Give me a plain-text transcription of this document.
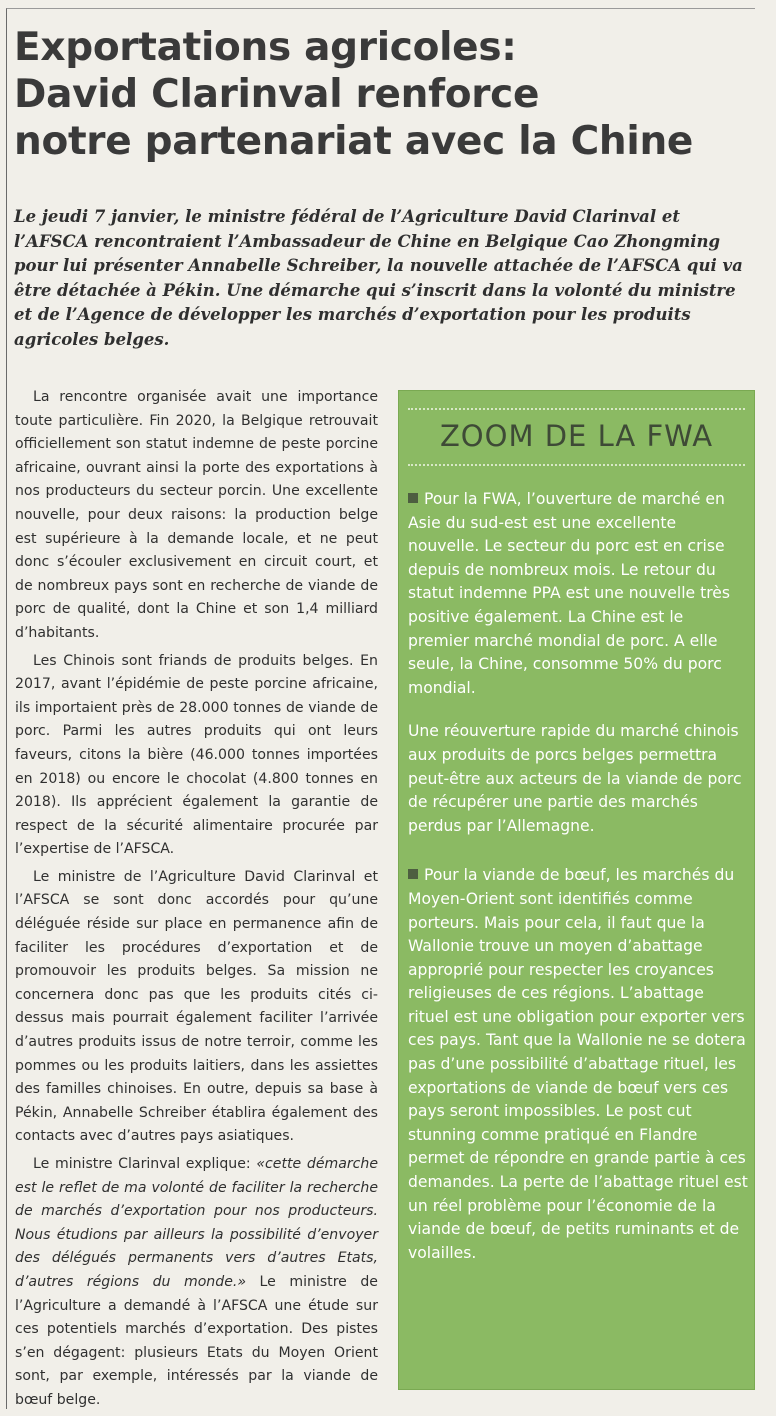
Exportations agricoles:
David Clarinval renforce
notre partenariat avec la Chine

Le jeudi 7 janvier, le ministre fédéral de l’Agriculture David Clarinval et l’AFSCA rencontraient l’Ambassadeur de Chine en Belgique Cao Zhongming pour lui présenter Annabelle Schreiber, la nouvelle attachée de l’AFSCA qui va être détachée à Pékin. Une démarche qui s’inscrit dans la volonté du ministre et de l’Agence de développer les marchés d’exportation pour les produits agricoles belges.

La rencontre organisée avait une importance toute particulière. Fin 2020, la Belgique retrouvait officiellement son statut indemne de peste porcine africaine, ouvrant ainsi la porte des exportations à nos producteurs du secteur porcin. Une excellente nouvelle, pour deux raisons: la production belge est supérieure à la demande locale, et ne peut donc s’écouler exclusivement en circuit court, et de nombreux pays sont en recherche de viande de porc de qualité, dont la Chine et son 1,4 milliard d’habitants.

Les Chinois sont friands de produits belges. En 2017, avant l’épidémie de peste porcine africaine, ils importaient près de 28.000 tonnes de viande de porc. Parmi les autres produits qui ont leurs faveurs, citons la bière (46.000 tonnes importées en 2018) ou encore le chocolat (4.800 tonnes en 2018). Ils apprécient également la garantie de respect de la sécurité alimentaire procurée par l’expertise de l’AFSCA.

Le ministre de l’Agriculture David Clarinval et l’AFSCA se sont donc accordés pour qu’une déléguée réside sur place en permanence afin de faciliter les procédures d’exportation et de promouvoir les produits belges. Sa mission ne concernera donc pas que les produits cités ci-dessus mais pourrait également faciliter l’arrivée d’autres produits issus de notre terroir, comme les pommes ou les produits laitiers, dans les assiettes des familles chinoises. En outre, depuis sa base à Pékin, Annabelle Schreiber établira également des contacts avec d’autres pays asiatiques.

Le ministre Clarinval explique: «cette démarche est le reflet de ma volonté de faciliter la recherche de marchés d’exportation pour nos producteurs. Nous étudions par ailleurs la possibilité d’envoyer des délégués permanents vers d’autres Etats, d’autres régions du monde.» Le ministre de l’Agriculture a demandé à l’AFSCA une étude sur ces potentiels marchés d’exportation. Des pistes s’en dégagent: plusieurs Etats du Moyen Orient sont, par exemple, intéressés par la viande de bœuf belge.

ZOOM DE LA FWA

Pour la FWA, l’ouverture de marché en Asie du sud-est est une excellente nouvelle. Le secteur du porc est en crise depuis de nombreux mois. Le retour du statut indemne PPA est une nouvelle très positive également. La Chine est le premier marché mondial de porc. A elle seule, la Chine, consomme 50% du porc mondial.

Une réouverture rapide du marché chinois aux produits de porcs belges permettra peut-être aux acteurs de la viande de porc de récupérer une partie des marchés perdus par l’Allemagne.

Pour la viande de bœuf, les marchés du Moyen-Orient sont identifiés comme porteurs. Mais pour cela, il faut que la Wallonie trouve un moyen d’abattage approprié pour respecter les croyances religieuses de ces régions. L’abattage rituel est une obligation pour exporter vers ces pays. Tant que la Wallonie ne se dotera pas d’une possibilité d’abattage rituel, les exportations de viande de bœuf vers ces pays seront impossibles. Le post cut stunning comme pratiqué en Flandre permet de répondre en grande partie à ces demandes. La perte de l’abattage rituel est un réel problème pour l’économie de la viande de bœuf, de petits ruminants et de volailles.
